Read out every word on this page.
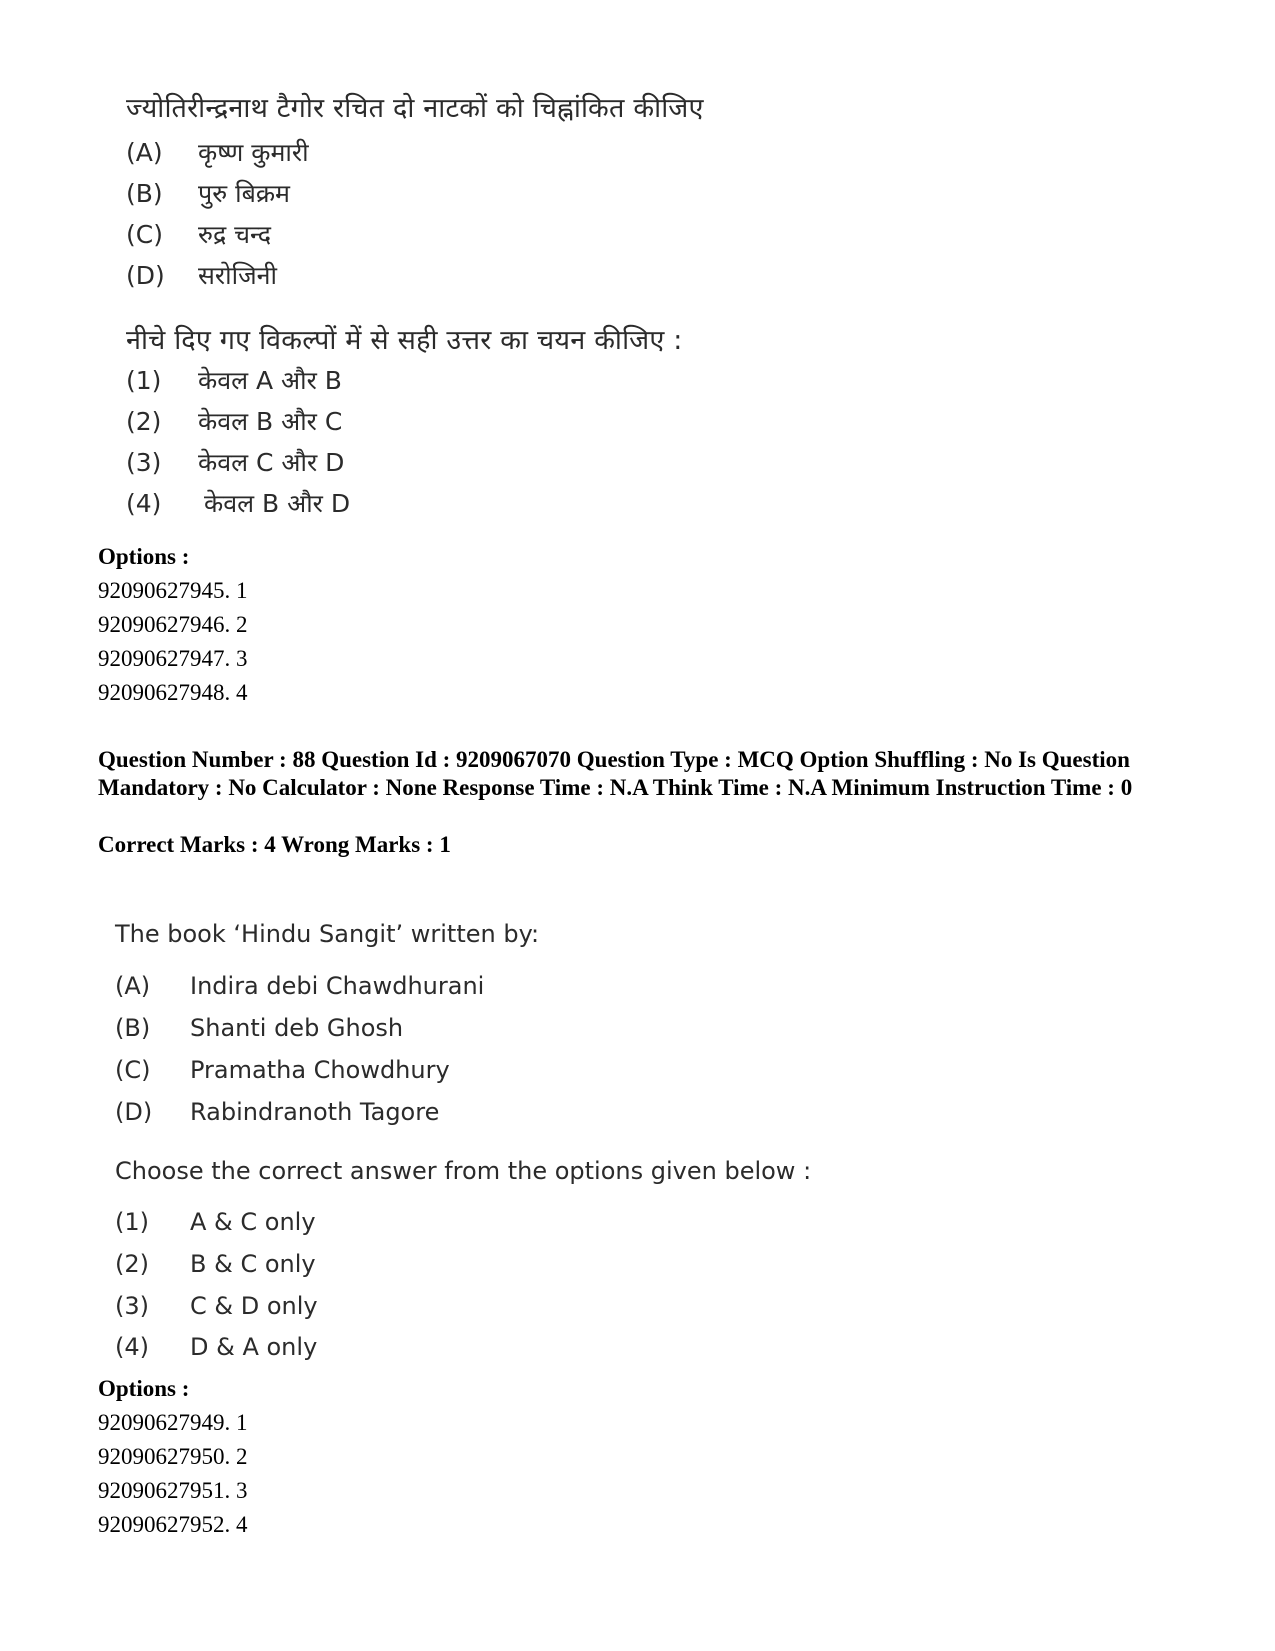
ज्योतिरीन्द्रनाथ टैगोर रचित दो नाटकों को चिह्नांकित कीजिए
(A)	कृष्ण कुमारी
(B)	पुरु बिक्रम
(C)	रुद्र चन्द
(D)	सरोजिनी
नीचे दिए गए विकल्पों में से सही उत्तर का चयन कीजिए :
(1)	केवल A और B
(2)	केवल B और C
(3)	केवल C और D
(4)	केवल B और D
Options :
92090627945. 1
92090627946. 2
92090627947. 3
92090627948. 4
Question Number : 88 Question Id : 9209067070 Question Type : MCQ Option Shuffling : No Is Question Mandatory : No Calculator : None Response Time : N.A Think Time : N.A Minimum Instruction Time : 0
Correct Marks : 4 Wrong Marks : 1
The book ‘Hindu Sangit’ written by:
(A)	Indira debi Chawdhurani
(B)	Shanti deb Ghosh
(C)	Pramatha Chowdhury
(D)	Rabindranoth Tagore
Choose the correct answer from the options given below :
(1)	A & C only
(2)	B & C only
(3)	C & D only
(4)	D & A only
Options :
92090627949. 1
92090627950. 2
92090627951. 3
92090627952. 4
